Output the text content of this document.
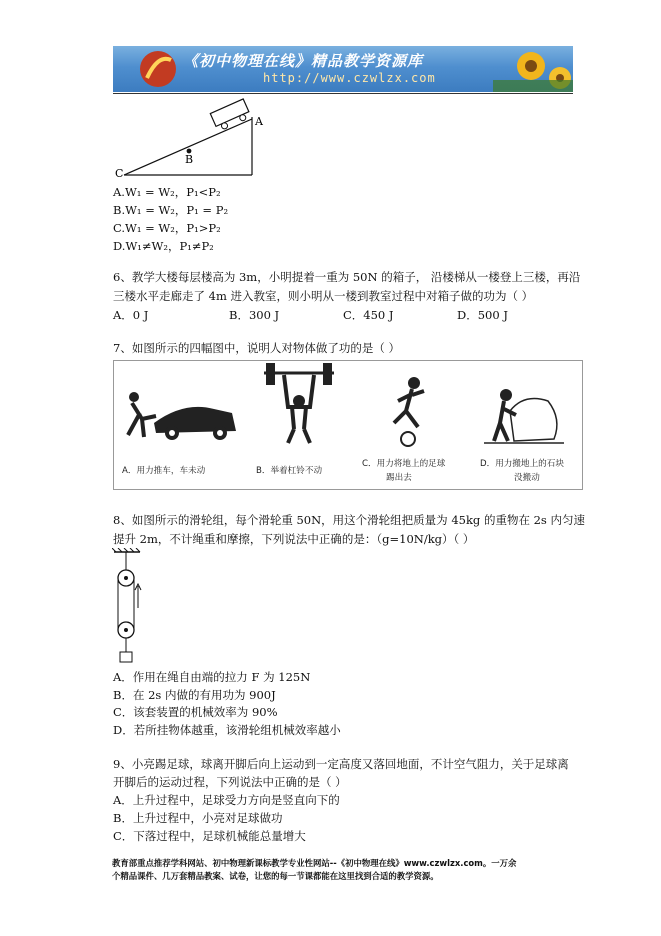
《初中物理在线》精品教学资源库
http://www.czwlzx.com
A
B
C
A.W₁ = W₂，P₁<P₂
B.W₁ = W₂，P₁ = P₂
C.W₁ = W₂，P₁>P₂
D.W₁≠W₂，P₁≠P₂
6、教学大楼每层楼高为 3m，小明提着一重为 50N 的箱子， 沿楼梯从一楼登上三楼，再沿
三楼水平走廊走了 4m 进入教室，则小明从一楼到教室过程中对箱子做的功为（ ）
A．0 J	B．300 J	C．450 J	D．500 J
7、如图所示的四幅图中，说明人对物体做了功的是（ ）
A．用力推车，车未动	B．举着杠铃不动
C．用力将地上的足球
踢出去
D．用力搬地上的石块
没搬动
8、如图所示的滑轮组，每个滑轮重 50N，用这个滑轮组把质量为 45kg 的重物在 2s 内匀速
提升 2m，不计绳重和摩擦，下列说法中正确的是：（g=10N/kg）（ ）
A．作用在绳自由端的拉力 F 为 125N
B．在 2s 内做的有用功为 900J
C．该套装置的机械效率为 90%
D．若所挂物体越重，该滑轮组机械效率越小
9、小亮踢足球，球离开脚后向上运动到一定高度又落回地面，不计空气阻力，关于足球离
开脚后的运动过程，下列说法中正确的是（ ）
A．上升过程中，足球受力方向是竖直向下的
B．上升过程中，小亮对足球做功
C．下落过程中，足球机械能总量增大
教育部重点推荐学科网站、初中物理新课标教学专业性网站--《初中物理在线》www.czwlzx.com。一万余
个精品课件、几万套精品教案、试卷，让您的每一节课都能在这里找到合适的教学资源。
